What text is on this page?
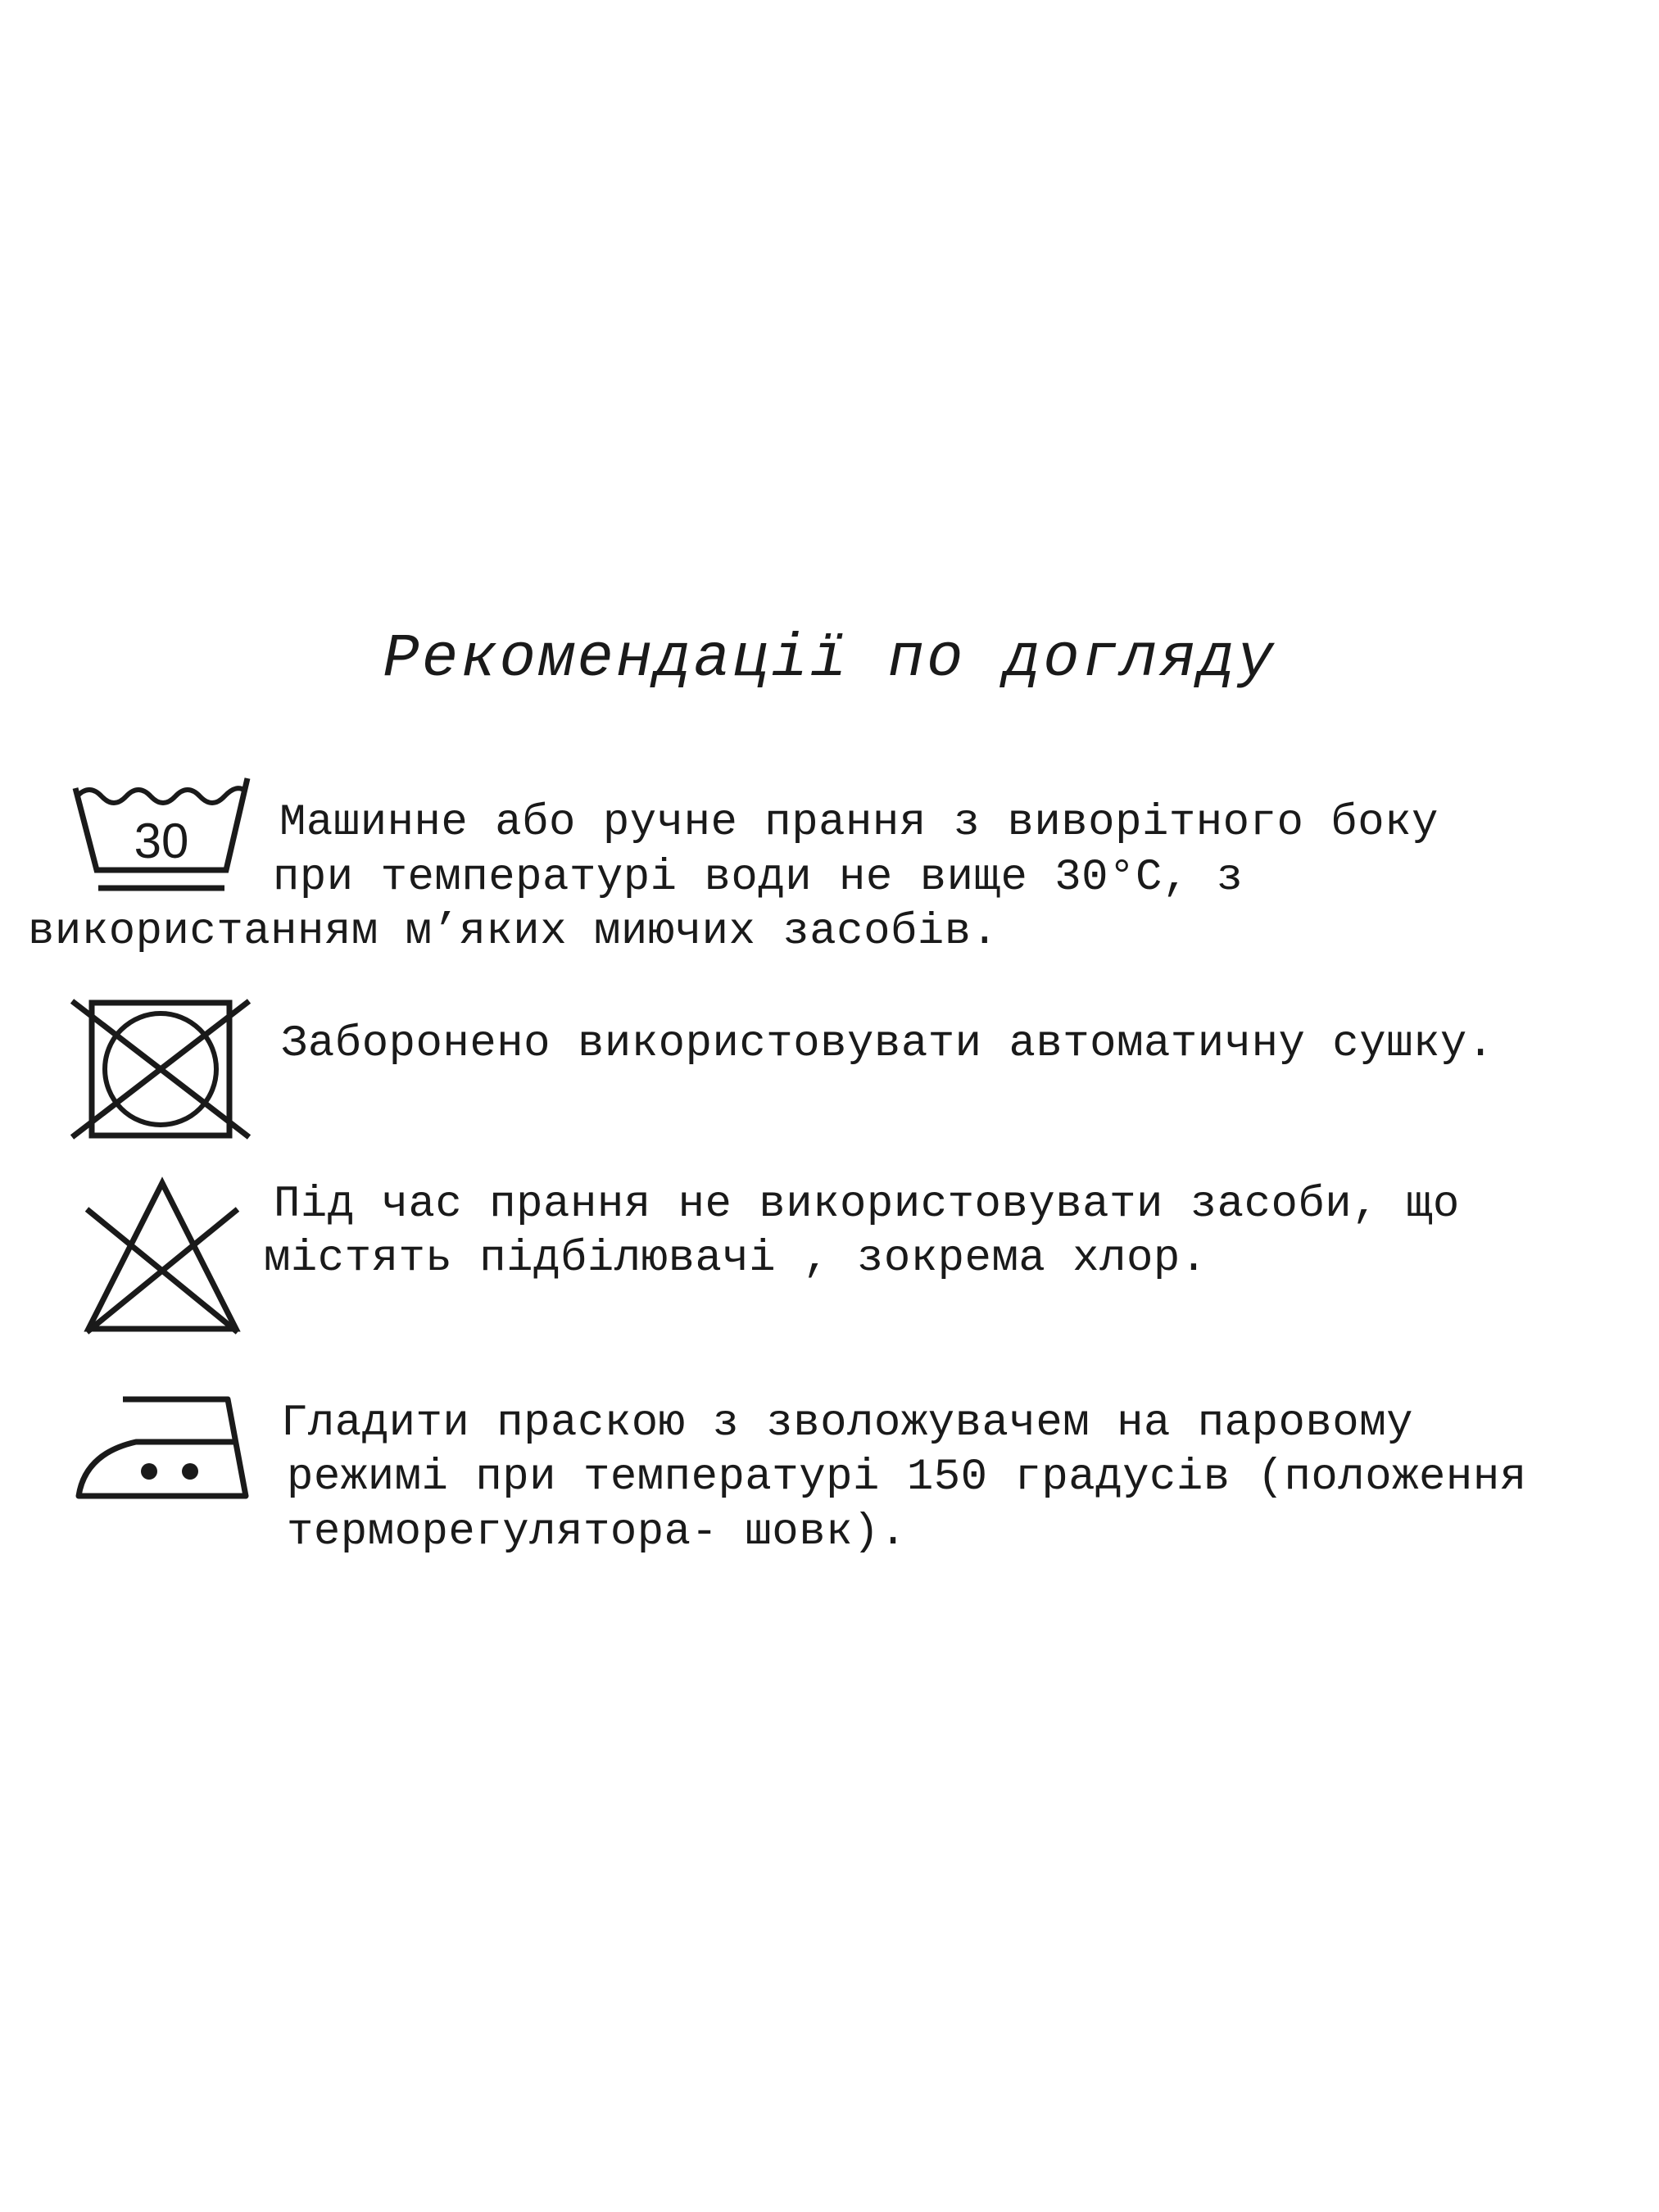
Рекомендації по догляду
30 Машинне або ручне прання з виворітного боку
при температурі води не вище 30°С, з
використанням м’яких миючих засобів.
Заборонено використовувати автоматичну сушку.
Під час прання не використовувати засоби, що
містять підбілювачі , зокрема хлор.
Гладити праскою з зволожувачем на паровому
режимі при температурі 150 градусів (положення
терморегулятора- шовк).
